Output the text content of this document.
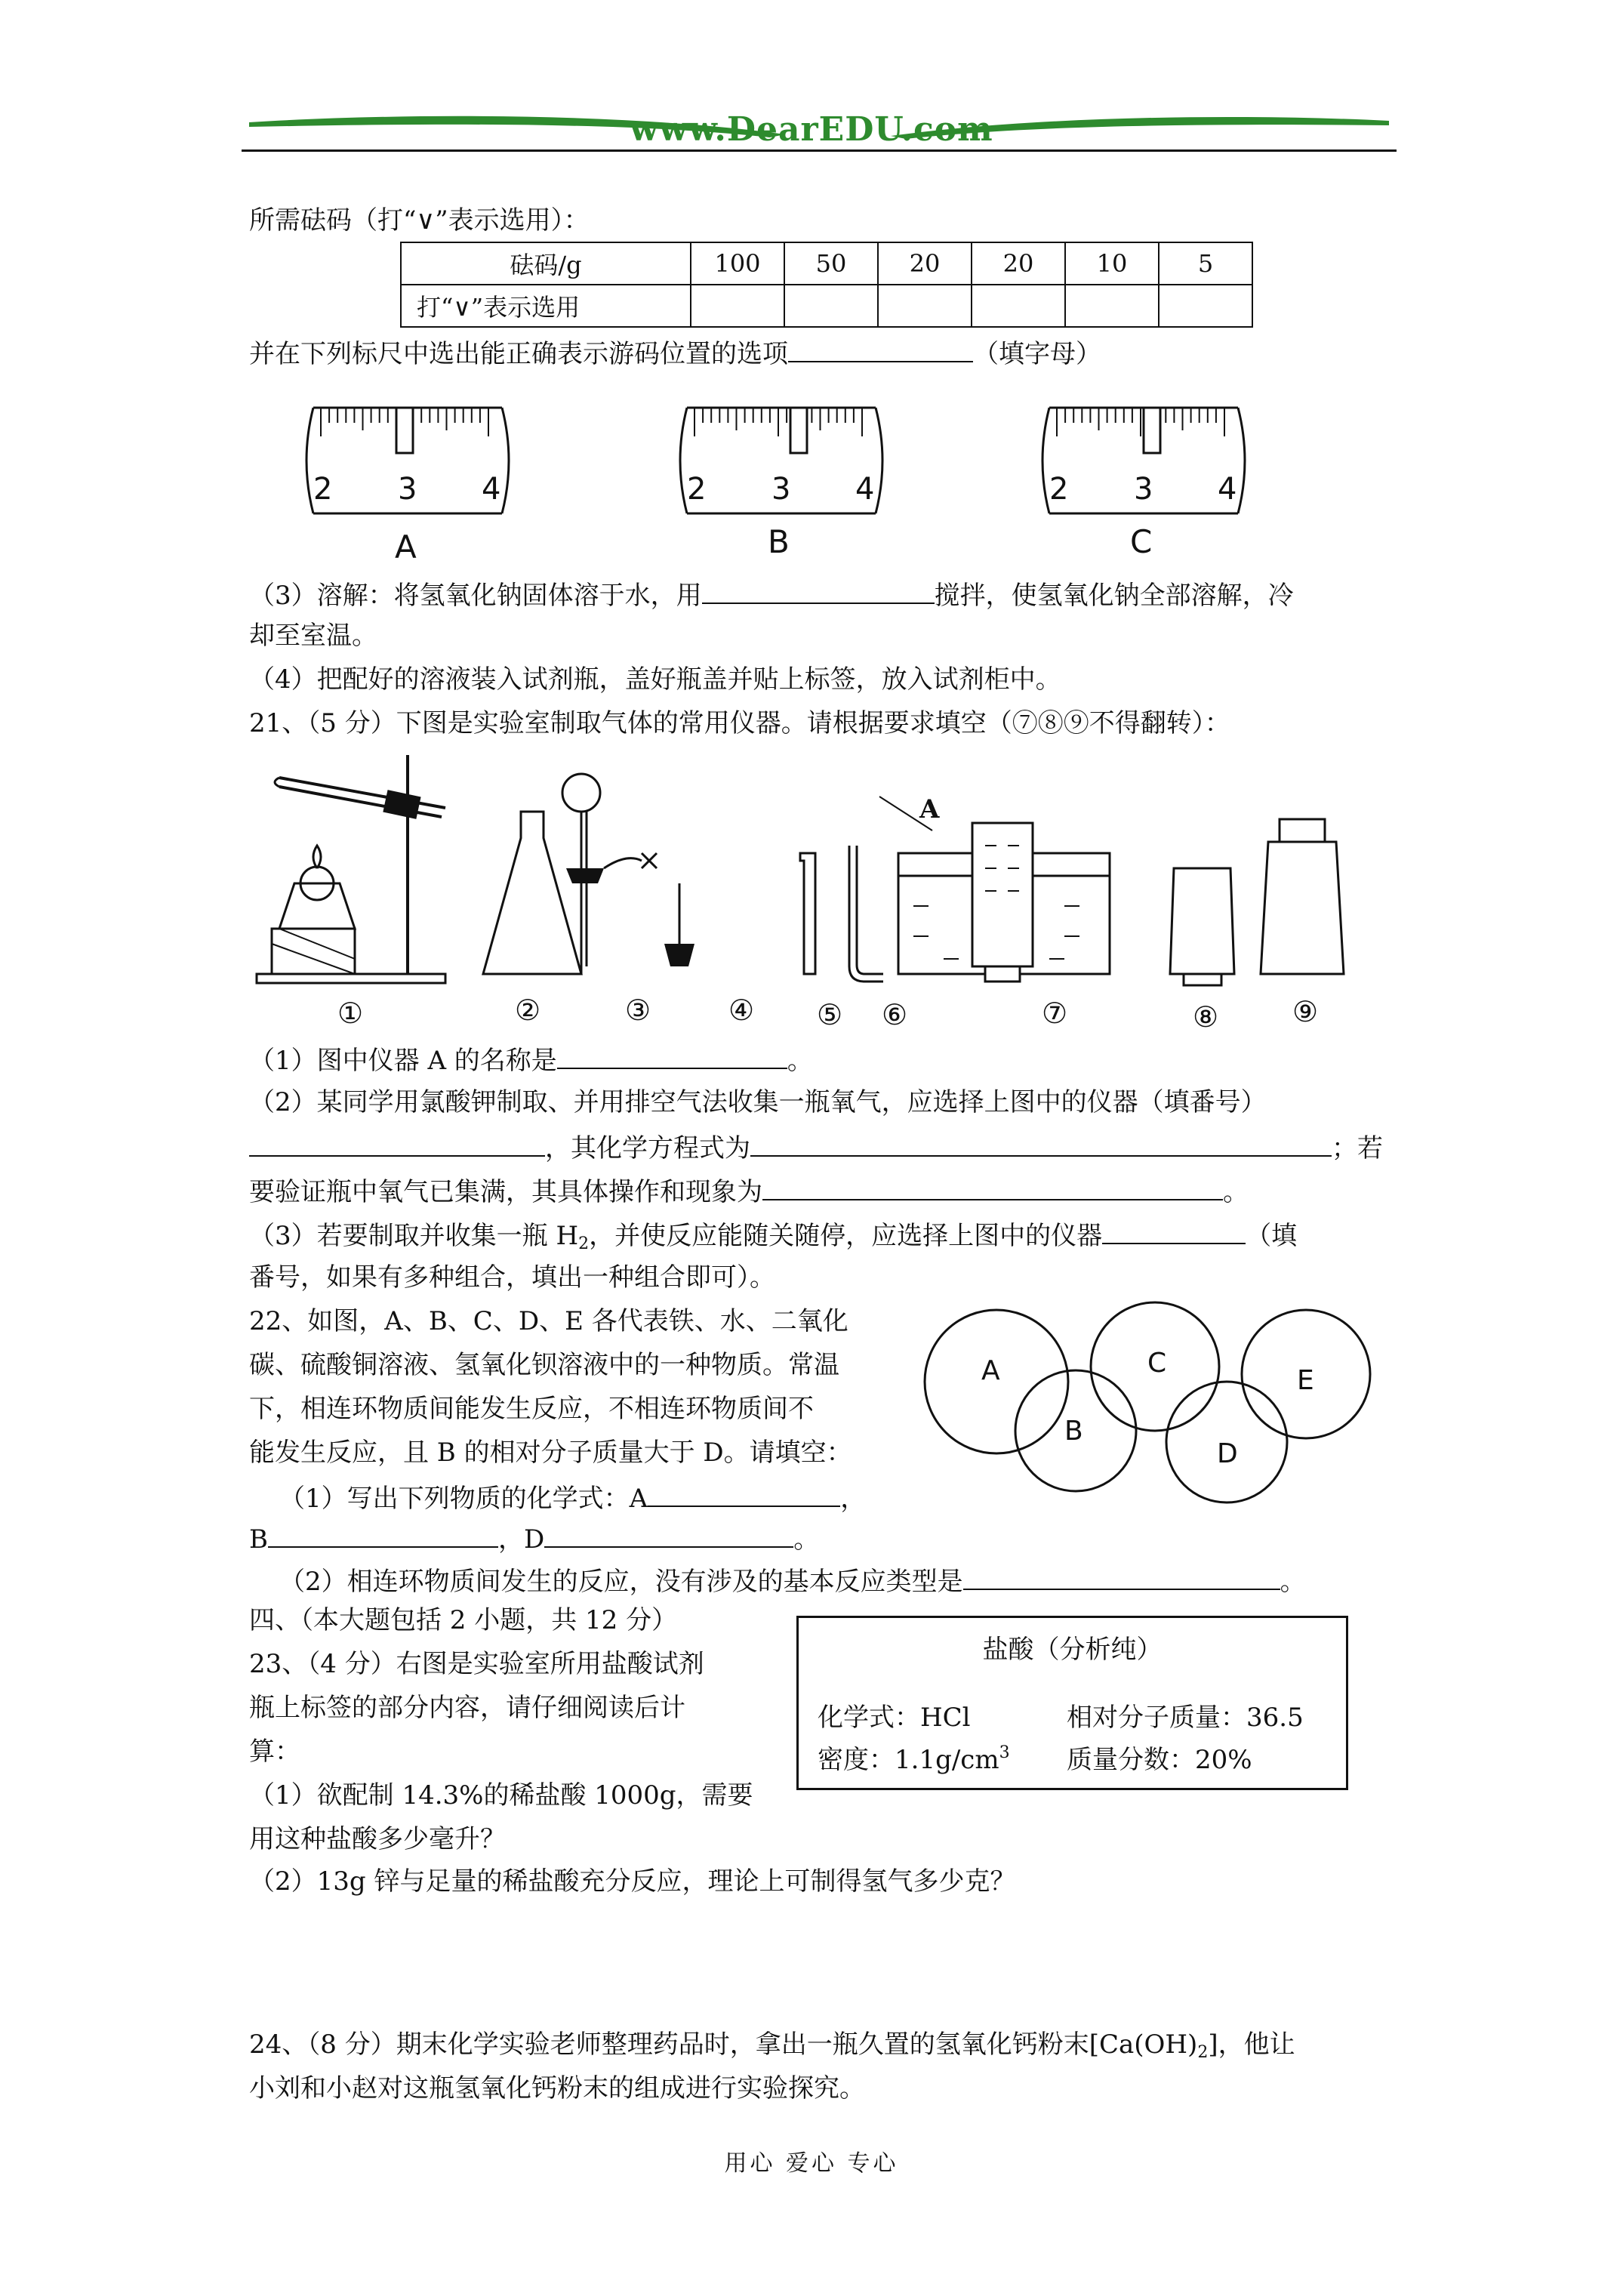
www.DearEDU.com
所需砝码（打“∨”表示选用）：
砝码/g	100	50	20	20	10	5
打“∨”表示选用						
并在下列标尺中选出能正确表示游码位置的选项	（填字母）
2 3 4	2 3 4	2 3 4
A	B	C
（3）溶解：将氢氧化钠固体溶于水，用	搅拌，使氢氧化钠全部溶解，冷
却至室温。
（4）把配好的溶液装入试剂瓶，盖好瓶盖并贴上标签，放入试剂柜中。
21、（5 分）下图是实验室制取气体的常用仪器。请根据要求填空（⑦⑧⑨不得翻转）：
A
①	②	③	④ ⑤ ⑥	⑦	⑧	⑨
（1）图中仪器 A 的名称是	。
（2）某同学用氯酸钾制取、并用排空气法收集一瓶氧气，应选择上图中的仪器（填番号）
，其化学方程式为	；若
要验证瓶中氧气已集满，其具体操作和现象为	。
（3）若要制取并收集一瓶 $H_2$，并使反应能随关随停，应选择上图中的仪器	（填
番号，如果有多种组合，填出一种组合即可）。
22、如图，A、B、C、D、E 各代表铁、水、二氧化
碳、硫酸铜溶液、氢氧化钡溶液中的一种物质。常温
下，相连环物质间能发生反应，不相连环物质间不
能发生反应，且 B 的相对分子质量大于 D。请填空：
（1）写出下列物质的化学式：A	，
B	，D	。
（2）相连环物质间发生的反应，没有涉及的基本反应类型是	。
A
B
C
D
E
四、（本大题包括 2 小题，共 12 分）
23、（4 分）右图是实验室所用盐酸试剂
瓶上标签的部分内容，请仔细阅读后计
算：
（1）欲配制 14.3%的稀盐酸 1000g，需要
用这种盐酸多少毫升？
（2）13g 锌与足量的稀盐酸充分反应，理论上可制得氢气多少克？
盐酸（分析纯）
化学式：HCl	相对分子质量：36.5
密度：$1.1g/cm^3$ 质量分数：20%
24、（8 分）期末化学实验老师整理药品时，拿出一瓶久置的氢氧化钙粉末$[Ca(OH)_2]$，他让
小刘和小赵对这瓶氢氧化钙粉末的组成进行实验探究。
用心 爱心 专心
